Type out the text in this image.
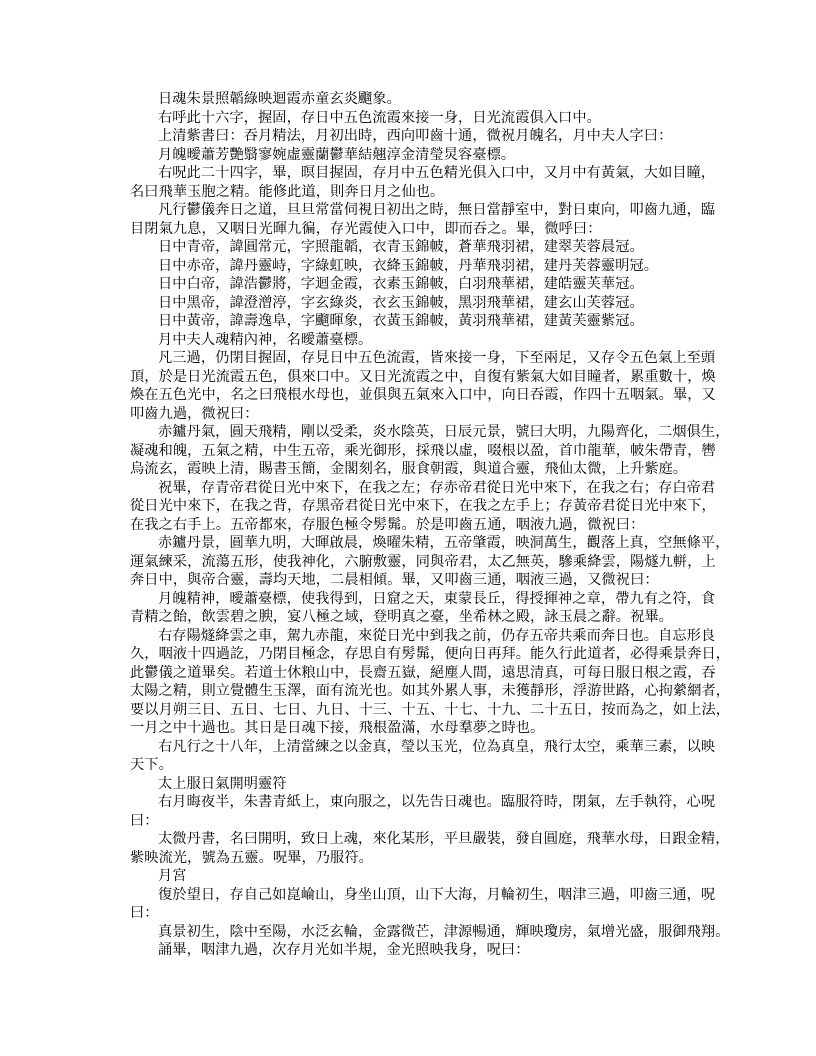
日魂朱景照韜綠映迴霞赤童玄炎飀象。
右呼此十六字，握固，存日中五色流霞來接一身，日光流霞俱入口中。
上清紫書曰：吞月精法，月初出時，西向叩齒十通，微祝月魄名，月中夫人字曰：
月魄曖蕭芳艷翳寥婉虛靈蘭鬱華結翹淳金清瑩炅容臺標。
右呪此二十四字，畢，暝目握固，存月中五色精光俱入口中，又月中有黃氣，大如目瞳，
名曰飛華玉胞之精。能修此道，則奔日月之仙也。
凡行鬱儀奔日之道，旦旦常當伺視日初出之時，無日當靜室中，對日東向，叩齒九通，臨
目閉氣九息，又咽日光暉九徧，存光霞使入口中，即而吞之。畢，微呼曰：
日中青帝，諱圓常元，字照龍韜，衣青玉錦帔，蒼華飛羽裙，建翠芙蓉晨冠。
日中赤帝，諱丹靈峙，字綠虹映，衣絳玉錦帔，丹華飛羽裙，建丹芙蓉靈明冠。
日中白帝，諱浩鬱將，字迴金霞，衣素玉錦帔，白羽飛華裙，建皓靈芙華冠。
日中黑帝，諱澄潧渟，字玄綠炎，衣玄玉錦帔，黑羽飛華裙，建玄山芙蓉冠。
日中黃帝，諱壽逸阜，字飀暉象，衣黃玉錦帔，黃羽飛華裙，建黃芙靈紫冠。
月中夫人魂精內神，名曖蕭臺標。
凡三過，仍閉目握固，存見日中五色流霞，皆來接一身，下至兩足，又存令五色氣上至頭
頂，於是日光流霞五色，俱來口中。又日光流霞之中，自復有紫氣大如目瞳者，累重數十，煥
煥在五色光中，名之曰飛根水母也，並俱與五氣來入口中，向日吞霞，作四十五咽氣。畢，又
叩齒九過，微祝曰：
赤鑪丹氣，圓天飛精，剛以受柔，炎水陰英，日辰元景，號曰大明，九陽齊化，二烟俱生，
凝魂和魄，五氣之精，中生五帝，乘光御形，採飛以虛，啜根以盈，首巾龍華，帔朱帶青，轡
烏流玄，霞映上清，賜書玉簡，金閣刻名，服食朝霞，與道合靈，飛仙太微，上升紫庭。
祝畢，存青帝君從日光中來下，在我之左；存赤帝君從日光中來下，在我之右；存白帝君
從日光中來下，在我之背，存黑帝君從日光中來下，在我之左手上；存黃帝君從日光中來下，
在我之右手上。五帝都來，存服色極令髣髴。於是叩齒五通，咽液九過，微祝曰：
赤鑪丹景，圓華九明，大暉啟晨，煥曜朱精，五帝肇霞，映洞萬生，觀落上真，空無條平，
運氣練采，流蕩五形，使我神化，六腑敷靈，同與帝君，太乙無英，驂乘絳雲，陽燧九軿，上
奔日中，與帝合靈，壽均天地，二晨相傾。畢，又叩齒三通，咽液三過，又微祝曰：
月魄精神，曖蕭臺標，使我得到，日窟之天，東蒙長丘，得授揮神之章，帶九有之符，食
青精之飴，飲雲碧之腴，宴八極之域，登明真之臺，坐希林之殿，詠玉晨之辭。祝畢。
右存陽燧絳雲之車，駕九赤龍，來從日光中到我之前，仍存五帝共乘而奔日也。自忘形良
久，咽液十四過訖，乃閉目極念，存思自有髣髴，便向日再拜。能久行此道者，必得乘景奔日，
此鬱儀之道畢矣。若道士休粮山中，長齋五嶽，絕塵人間，遠思清真，可每日服日根之霞，吞
太陽之精，則立覺體生玉澤，面有流光也。如其外累人事，未獲靜形，浮游世路，心拘縈網者，
要以月朔三日、五日、七日、九日、十三、十五、十七、十九、二十五日，按而為之，如上法，
一月之中十過也。其日是日魂下接，飛根盈滿，水母羣夢之時也。
右凡行之十八年，上清當練之以金真，瑩以玉光，位為真皇，飛行太空，乘華三素，以映
天下。
太上服日氣開明靈符
右月晦夜半，朱書青紙上，東向服之，以先告日魂也。臨服符時，閉氣，左手執符，心呪
曰：
太微丹書，名曰開明，致日上魂，來化某形，平旦嚴裝，發自圓庭，飛華水母，日跟金精，
紫映流光，號為五靈。呪畢，乃服符。
月宮
復於望日，存自己如崑崘山，身坐山頂，山下大海，月輪初生，咽津三過，叩齒三通，呪
曰：
真景初生，陰中至陽，水泛玄輪，金露微芒，津源暢通，輝映瓊房，氣增光盛，服御飛翔。
誦畢，咽津九過，次存月光如半規，金光照映我身，呪曰：
